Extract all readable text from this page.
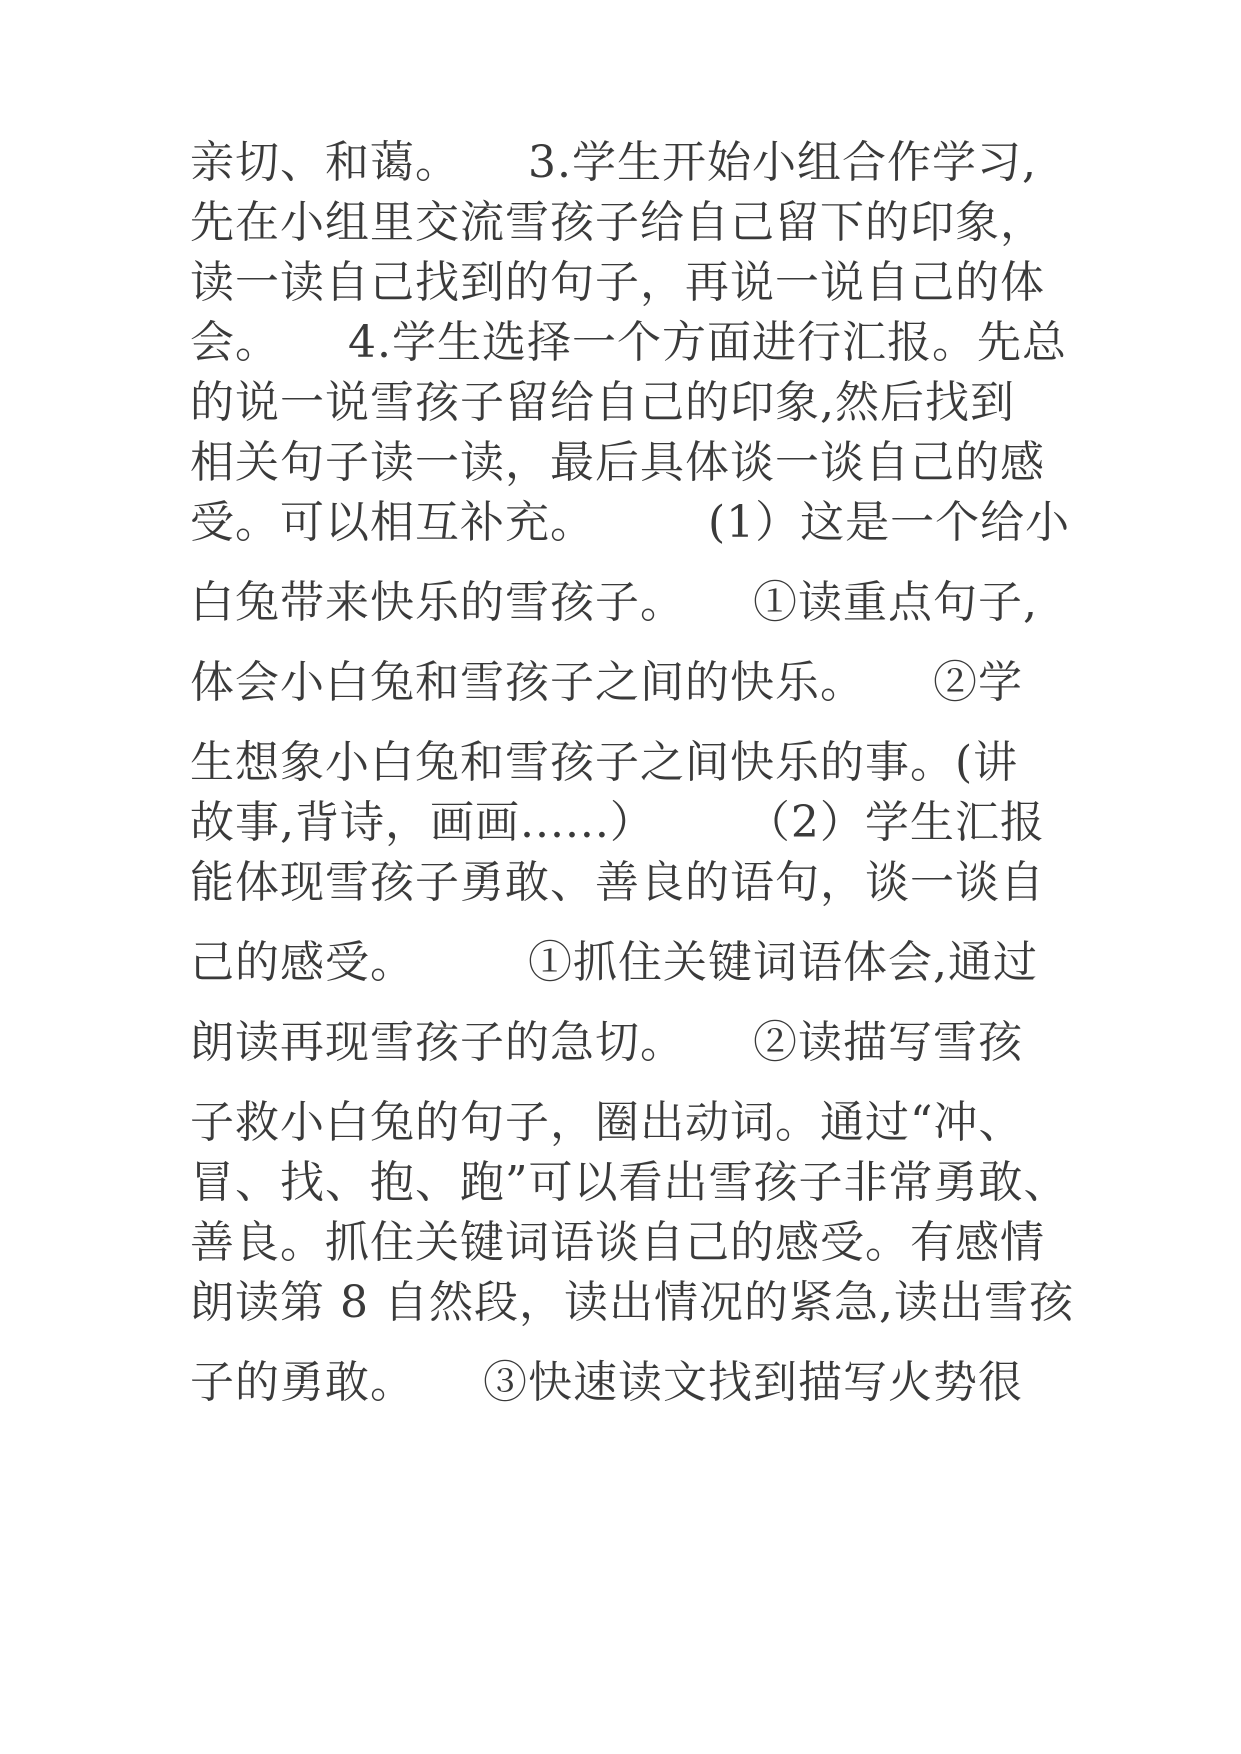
亲切、和蔼。　　3.学生开始小组合作学习,
先在小组里交流雪孩子给自己留下的印象，
读一读自己找到的句子，再说一说自己的体
会。　　4.学生选择一个方面进行汇报。先总
的说一说雪孩子留给自己的印象,然后找到
相关句子读一读，最后具体谈一谈自己的感
受。可以相互补充。　　　(1）这是一个给小
白兔带来快乐的雪孩子。　　①读重点句子,
体会小白兔和雪孩子之间的快乐。　　②学
生想象小白兔和雪孩子之间快乐的事。(讲
故事,背诗，画画......）　　　（2）学生汇报
能体现雪孩子勇敢、善良的语句，谈一谈自
己的感受。　　　①抓住关键词语体会,通过
朗读再现雪孩子的急切。　　②读描写雪孩
子救小白兔的句子，圈出动词。通过“冲、
冒、找、抱、跑”可以看出雪孩子非常勇敢、
善良。抓住关键词语谈自己的感受。有感情
朗读第 8 自然段，读出情况的紧急,读出雪孩
子的勇敢。　　③快速读文找到描写火势很
